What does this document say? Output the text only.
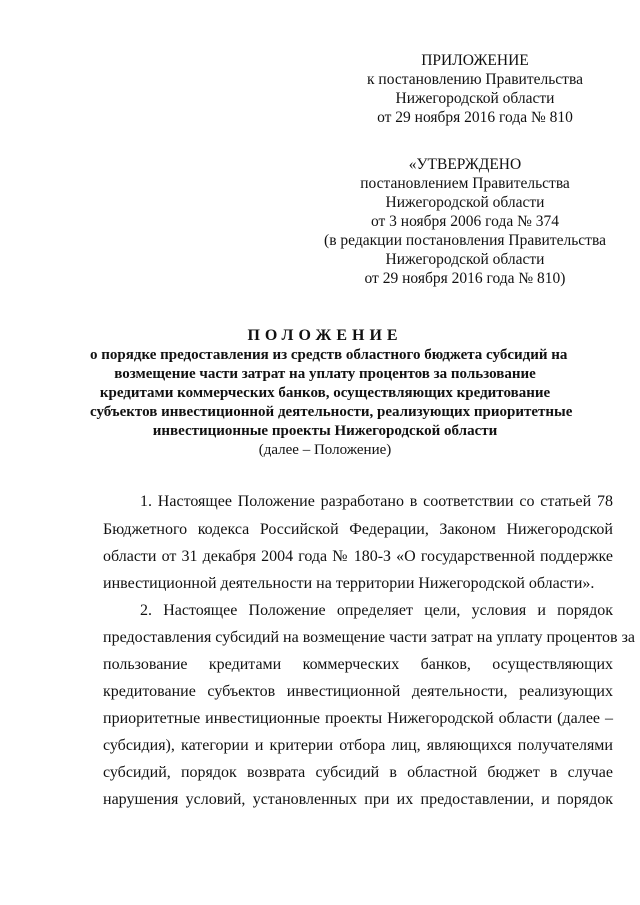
ПРИЛОЖЕНИЕ
к постановлению Правительства
Нижегородской области
от 29 ноября 2016 года № 810
«УТВЕРЖДЕНО
постановлением Правительства
Нижегородской области
от 3 ноября 2006 года № 374
(в редакции постановления Правительства
Нижегородской области
от 29 ноября 2016 года № 810)
ПОЛОЖЕНИЕ
о порядке предоставления из средств областного бюджета субсидий на
возмещение части затрат на уплату процентов за пользование
кредитами коммерческих банков, осуществляющих кредитование
субъектов инвестиционной деятельности, реализующих приоритетные
инвестиционные проекты Нижегородской области
(далее – Положение)
1. Настоящее Положение разработано в соответствии со статьей 78
Бюджетного кодекса Российской Федерации, Законом Нижегородской
области от 31 декабря 2004 года № 180-З «О государственной поддержке
инвестиционной деятельности на территории Нижегородской области».
2. Настоящее Положение определяет цели, условия и порядок
предоставления субсидий на возмещение части затрат на уплату процентов за
пользование кредитами коммерческих банков, осуществляющих
кредитование субъектов инвестиционной деятельности, реализующих
приоритетные инвестиционные проекты Нижегородской области (далее –
субсидия), категории и критерии отбора лиц, являющихся получателями
субсидий, порядок возврата субсидий в областной бюджет в случае
нарушения условий, установленных при их предоставлении, и порядок
